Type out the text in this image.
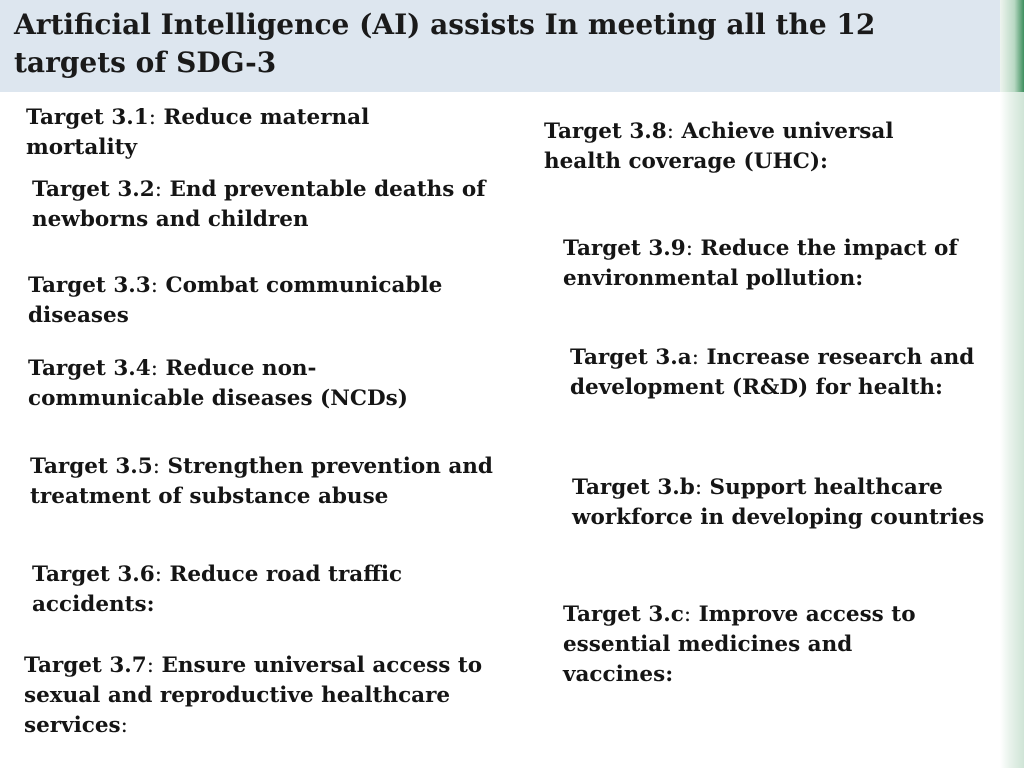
Artificial Intelligence (AI) assists In meeting all the 12 targets of SDG-3

Target 3.1: Reduce maternal mortality

Target 3.2: End preventable deaths of newborns and children

Target 3.3: Combat communicable diseases

Target 3.4: Reduce non-communicable diseases (NCDs)

Target 3.5: Strengthen prevention and treatment of substance abuse

Target 3.6: Reduce road traffic accidents:

Target 3.7: Ensure universal access to sexual and reproductive healthcare services:

Target 3.8: Achieve universal health coverage (UHC):

Target 3.9: Reduce the impact of environmental pollution:

Target 3.a: Increase research and development (R&D) for health:

Target 3.b: Support healthcare workforce in developing countries

Target 3.c: Improve access to essential medicines and vaccines:
